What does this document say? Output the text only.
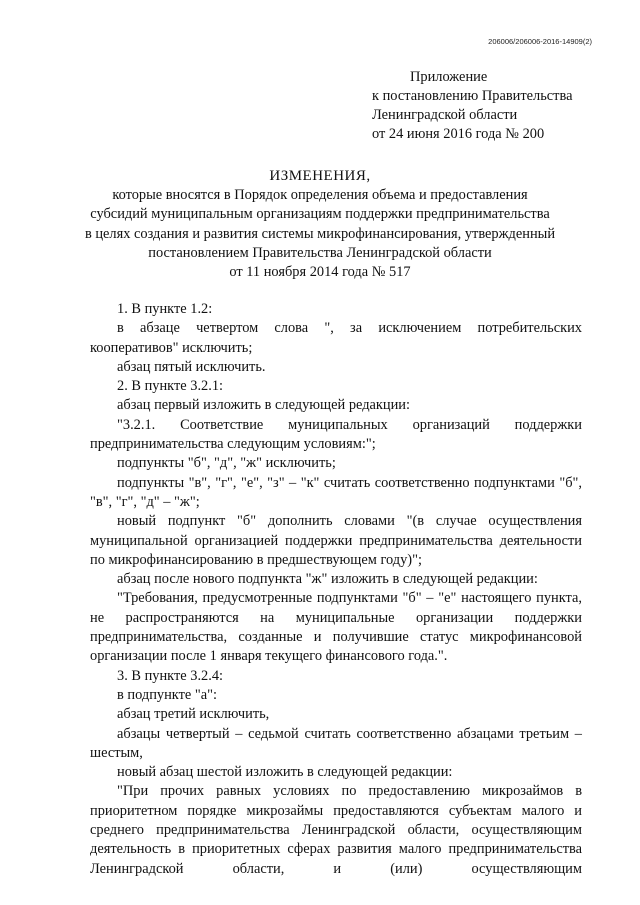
206006/206006-2016-14909(2)
Приложение
к постановлению Правительства
Ленинградской области
от 24 июня 2016 года № 200
ИЗМЕНЕНИЯ,
которые вносятся в Порядок определения объема и предоставления
субсидий муниципальным организациям поддержки предпринимательства
в целях создания и развития системы микрофинансирования, утвержденный
постановлением Правительства Ленинградской области
от 11 ноября 2014 года № 517

1. В пункте 1.2:

в абзаце четвертом слова ", за исключением потребительских кооперативов" исключить;

абзац пятый исключить.

2. В пункте 3.2.1:

абзац первый изложить в следующей редакции:

"3.2.1. Соответствие муниципальных организаций поддержки предпринимательства следующим условиям:";

подпункты "б", "д", "ж" исключить;

подпункты "в", "г", "е", "з" – "к" считать соответственно подпунктами "б", "в", "г", "д" – "ж";

новый подпункт "б" дополнить словами "(в случае осуществления муниципальной организацией поддержки предпринимательства деятельности по микрофинансированию в предшествующем году)";

абзац после нового подпункта "ж" изложить в следующей редакции:

"Требования, предусмотренные подпунктами "б" – "е" настоящего пункта, не распространяются на муниципальные организации поддержки предпринимательства, созданные и получившие статус микрофинансовой организации после 1 января текущего финансового года.".

3. В пункте 3.2.4:

в подпункте "а":

абзац третий исключить,

абзацы четвертый – седьмой считать соответственно абзацами третьим – шестым,

новый абзац шестой изложить в следующей редакции:

"При прочих равных условиях по предоставлению микрозаймов в приоритетном порядке микрозаймы предоставляются субъектам малого и среднего предпринимательства Ленинградской области, осуществляющим деятельность в приоритетных сферах развития малого предпринимательства Ленинградской области, и (или) осуществляющим
